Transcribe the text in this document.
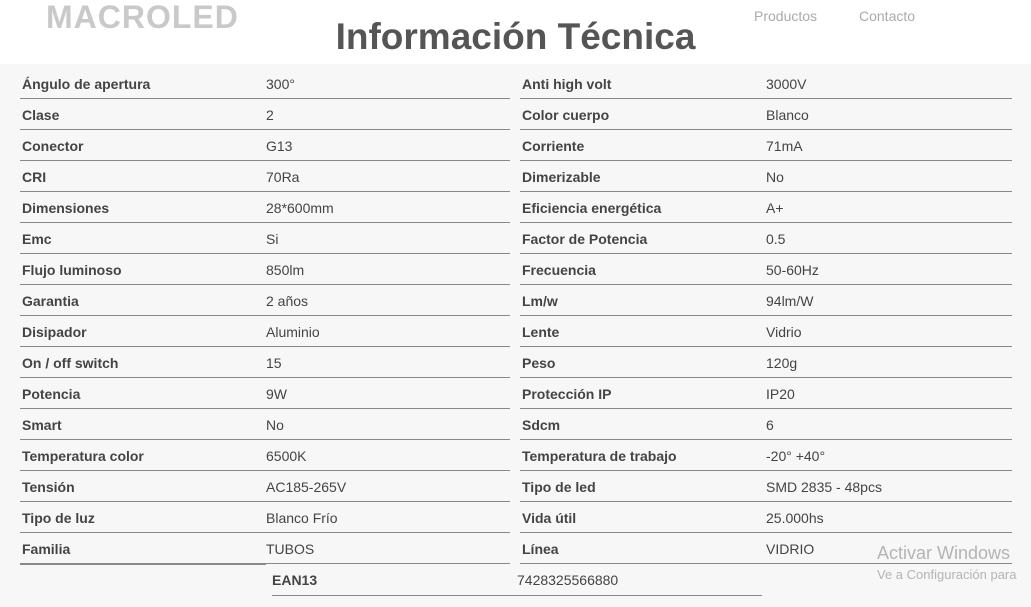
MACROLED	Información Técnica	Productos	Contacto
Ángulo de apertura	300°	Anti high volt	3000V
Clase	2	Color cuerpo	Blanco
Conector	G13	Corriente	71mA
CRI	70Ra	Dimerizable	No
Dimensiones	28*600mm	Eficiencia energética	A+
Emc	Si	Factor de Potencia	0.5
Flujo luminoso	850lm	Frecuencia	50-60Hz
Garantia	2 años	Lm/w	94lm/W
Disipador	Aluminio	Lente	Vidrio
On / off switch	15	Peso	120g
Potencia	9W	Protección IP	IP20
Smart	No	Sdcm	6
Temperatura color	6500K	Temperatura de trabajo	-20° +40°
Tensión	AC185-265V	Tipo de led	SMD 2835 - 48pcs
Tipo de luz	Blanco Frío	Vida útil	25.000hs
Familia	TUBOS	Línea	VIDRIO
EAN13	7428325566880
Activar Windows
Ve a Configuración para
